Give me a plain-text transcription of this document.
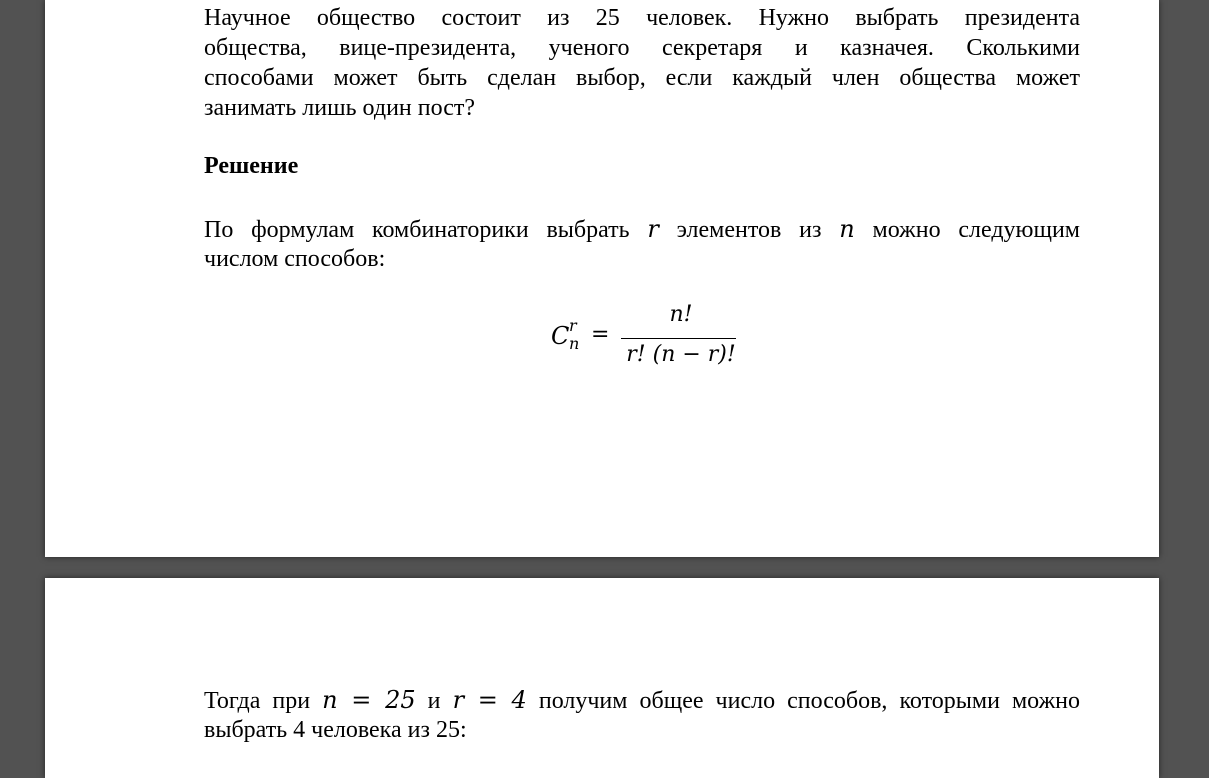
Научное общество состоит из 25 человек. Нужно выбрать президента
общества, вице-президента, ученого секретаря и казначея. Сколькими
способами может быть сделан выбор, если каждый член общества может
занимать лишь один пост?
Решение
По формулам комбинаторики выбрать r элементов из n можно следующим
числом способов:
C r
n =
n!
r! (n − r)!
Тогда при n = 25 и r = 4 получим общее число способов, которыми можно
выбрать 4 человека из 25:
